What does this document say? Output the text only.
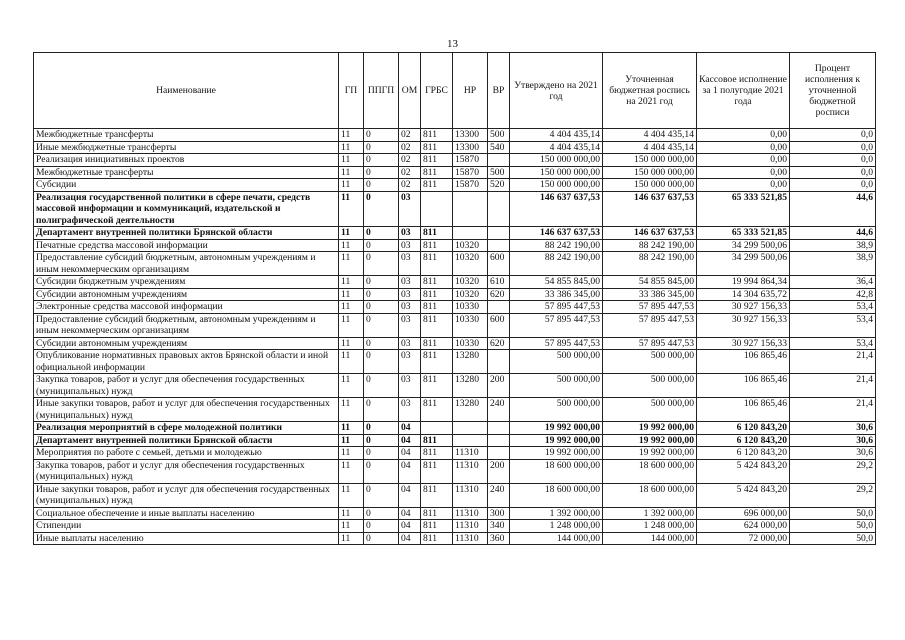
13
Наименование	ГП	ППГП	ОМ	ГРБС	НР	ВР	Утверждено на 2021 год	Уточненная бюджетная роспись на 2021 год	Кассовое исполнение за 1 полугодие 2021 года	Процент исполнения к уточненной бюджетной росписи
Межбюджетные трансферты	11	0	02	811	13300	500	4 404 435,14	4 404 435,14	0,00	0,0
Иные межбюджетные трансферты	11	0	02	811	13300	540	4 404 435,14	4 404 435,14	0,00	0,0
Реализация инициативных проектов	11	0	02	811	15870		150 000 000,00	150 000 000,00	0,00	0,0
Межбюджетные трансферты	11	0	02	811	15870	500	150 000 000,00	150 000 000,00	0,00	0,0
Субсидии	11	0	02	811	15870	520	150 000 000,00	150 000 000,00	0,00	0,0
Реализация государственной политики в сфере печати, средств массовой информации и коммуникаций, издательской и полиграфической деятельности	11	0	03				146 637 637,53	146 637 637,53	65 333 521,85	44,6
Департамент внутренней политики Брянской области	11	0	03	811			146 637 637,53	146 637 637,53	65 333 521,85	44,6
Печатные средства массовой информации	11	0	03	811	10320		88 242 190,00	88 242 190,00	34 299 500,06	38,9
Предоставление субсидий бюджетным, автономным учреждениям и иным некоммерческим организациям	11	0	03	811	10320	600	88 242 190,00	88 242 190,00	34 299 500,06	38,9
Субсидии бюджетным учреждениям	11	0	03	811	10320	610	54 855 845,00	54 855 845,00	19 994 864,34	36,4
Субсидии автономным учреждениям	11	0	03	811	10320	620	33 386 345,00	33 386 345,00	14 304 635,72	42,8
Электронные средства массовой информации	11	0	03	811	10330		57 895 447,53	57 895 447,53	30 927 156,33	53,4
Предоставление субсидий бюджетным, автономным учреждениям и иным некоммерческим организациям	11	0	03	811	10330	600	57 895 447,53	57 895 447,53	30 927 156,33	53,4
Субсидии автономным учреждениям	11	0	03	811	10330	620	57 895 447,53	57 895 447,53	30 927 156,33	53,4
Опубликование нормативных правовых актов Брянской области и иной официальной информации	11	0	03	811	13280		500 000,00	500 000,00	106 865,46	21,4
Закупка товаров, работ и услуг для обеспечения государственных (муниципальных) нужд	11	0	03	811	13280	200	500 000,00	500 000,00	106 865,46	21,4
Иные закупки товаров, работ и услуг для обеспечения государственных (муниципальных) нужд	11	0	03	811	13280	240	500 000,00	500 000,00	106 865,46	21,4
Реализация мероприятий в сфере молодежной политики	11	0	04				19 992 000,00	19 992 000,00	6 120 843,20	30,6
Департамент внутренней политики Брянской области	11	0	04	811			19 992 000,00	19 992 000,00	6 120 843,20	30,6
Мероприятия по работе с семьей, детьми и молодежью	11	0	04	811	11310		19 992 000,00	19 992 000,00	6 120 843,20	30,6
Закупка товаров, работ и услуг для обеспечения государственных (муниципальных) нужд	11	0	04	811	11310	200	18 600 000,00	18 600 000,00	5 424 843,20	29,2
Иные закупки товаров, работ и услуг для обеспечения государственных (муниципальных) нужд	11	0	04	811	11310	240	18 600 000,00	18 600 000,00	5 424 843,20	29,2
Социальное обеспечение и иные выплаты населению	11	0	04	811	11310	300	1 392 000,00	1 392 000,00	696 000,00	50,0
Стипендии	11	0	04	811	11310	340	1 248 000,00	1 248 000,00	624 000,00	50,0
Иные выплаты населению	11	0	04	811	11310	360	144 000,00	144 000,00	72 000,00	50,0
